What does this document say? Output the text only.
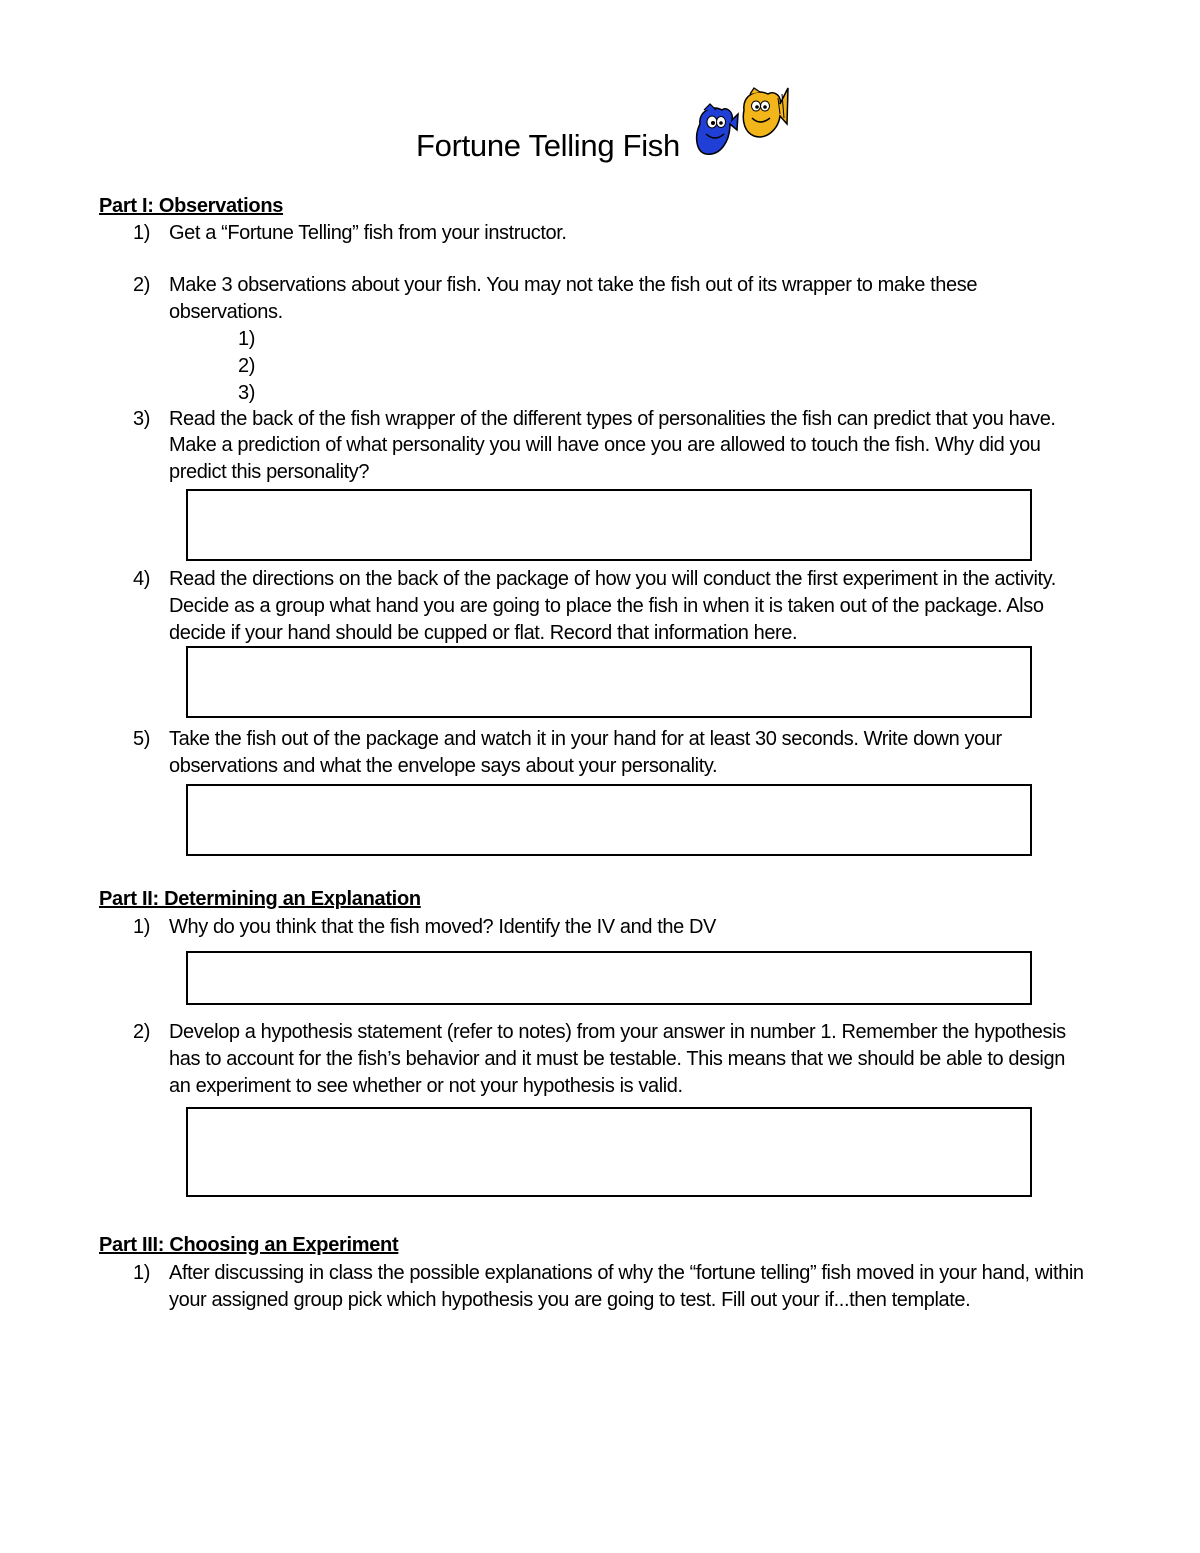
Fortune Telling Fish
Part I: Observations
1) Get a “Fortune Telling” fish from your instructor.
2) Make 3 observations about your fish. You may not take the fish out of its wrapper to make these
observations.
1)
2)
3)
3) Read the back of the fish wrapper of the different types of personalities the fish can predict that you have.
Make a prediction of what personality you will have once you are allowed to touch the fish. Why did you
predict this personality?
4) Read the directions on the back of the package of how you will conduct the first experiment in the activity.
Decide as a group what hand you are going to place the fish in when it is taken out of the package. Also
decide if your hand should be cupped or flat. Record that information here.
5) Take the fish out of the package and watch it in your hand for at least 30 seconds. Write down your
observations and what the envelope says about your personality.
Part II: Determining an Explanation
1) Why do you think that the fish moved? Identify the IV and the DV
2) Develop a hypothesis statement (refer to notes) from your answer in number 1. Remember the hypothesis
has to account for the fish’s behavior and it must be testable. This means that we should be able to design
an experiment to see whether or not your hypothesis is valid.
Part III: Choosing an Experiment
1) After discussing in class the possible explanations of why the “fortune telling” fish moved in your hand, within
your assigned group pick which hypothesis you are going to test. Fill out your if...then template.
